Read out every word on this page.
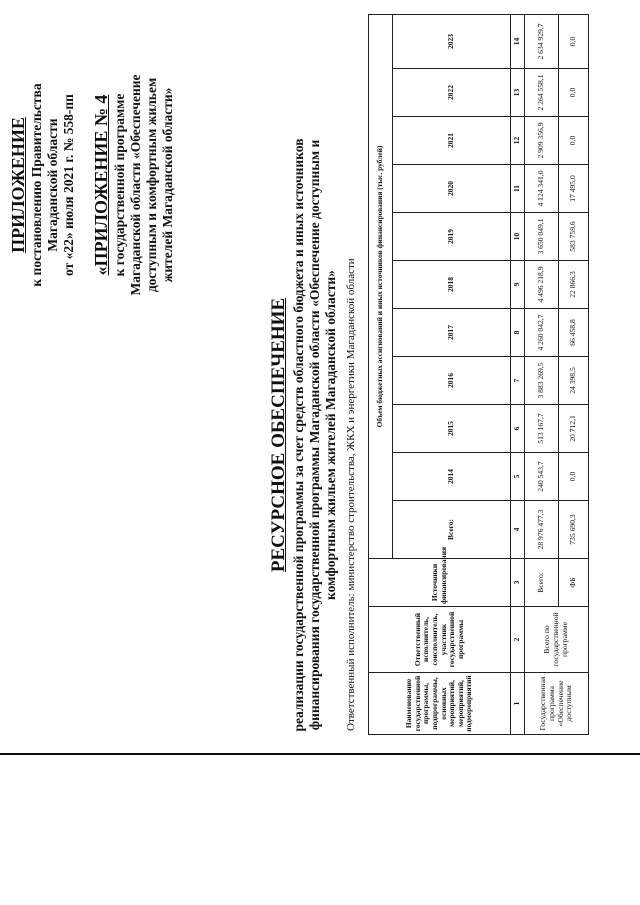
ПРИЛОЖЕНИЕ к постановлению Правительства Магаданской области от «22» июля 2021 г. № 558-пп «ПРИЛОЖЕНИЕ № 4 к государственной программе Магаданской области «Обеспечение доступным и комфортным жильем жителей Магаданской области»
РЕСУРСНОЕ ОБЕСПЕЧЕНИЕ реализации государственной программы за счет средств областного бюджета и иных источников финансирования государственной программы Магаданской области «Обеспечение доступным и комфортным жильем жителей Магаданской области» Ответственный исполнитель: министерство строительства, ЖКХ и энергетики Магаданской области	Наименование государственной программы, подпрограммы, основных мероприятий, мероприятий, подмероприятий	Ответственный исполнитель, соисполнитель, участник государственной программы	Источники финансирования	Объем бюджетных ассигнований и иных источников финансирования (тыс. рублей)										
			Всего:	2014	2015	2016	2017	2018	2019	2020	2021	2022	2023
1	2	3	4	5	6	7	8	9	10	11	12	13	14
Государственная программа «Обеспечение доступным	Всего по государственной программе	Всего:	28 976 477,3	240 543,7	513 167,7	3 883 269,5	4 260 042,7	4 496 218,9	3 650 049,1	4 124 341,0	2 909 356,9	2 264 558,1	2 634 929,7
		ФБ	735 690,3	0,0	20 712,1	24 398,5	66 458,8	22 866,3	583 759,6	17 495,0	0,0	0,0	0,0
